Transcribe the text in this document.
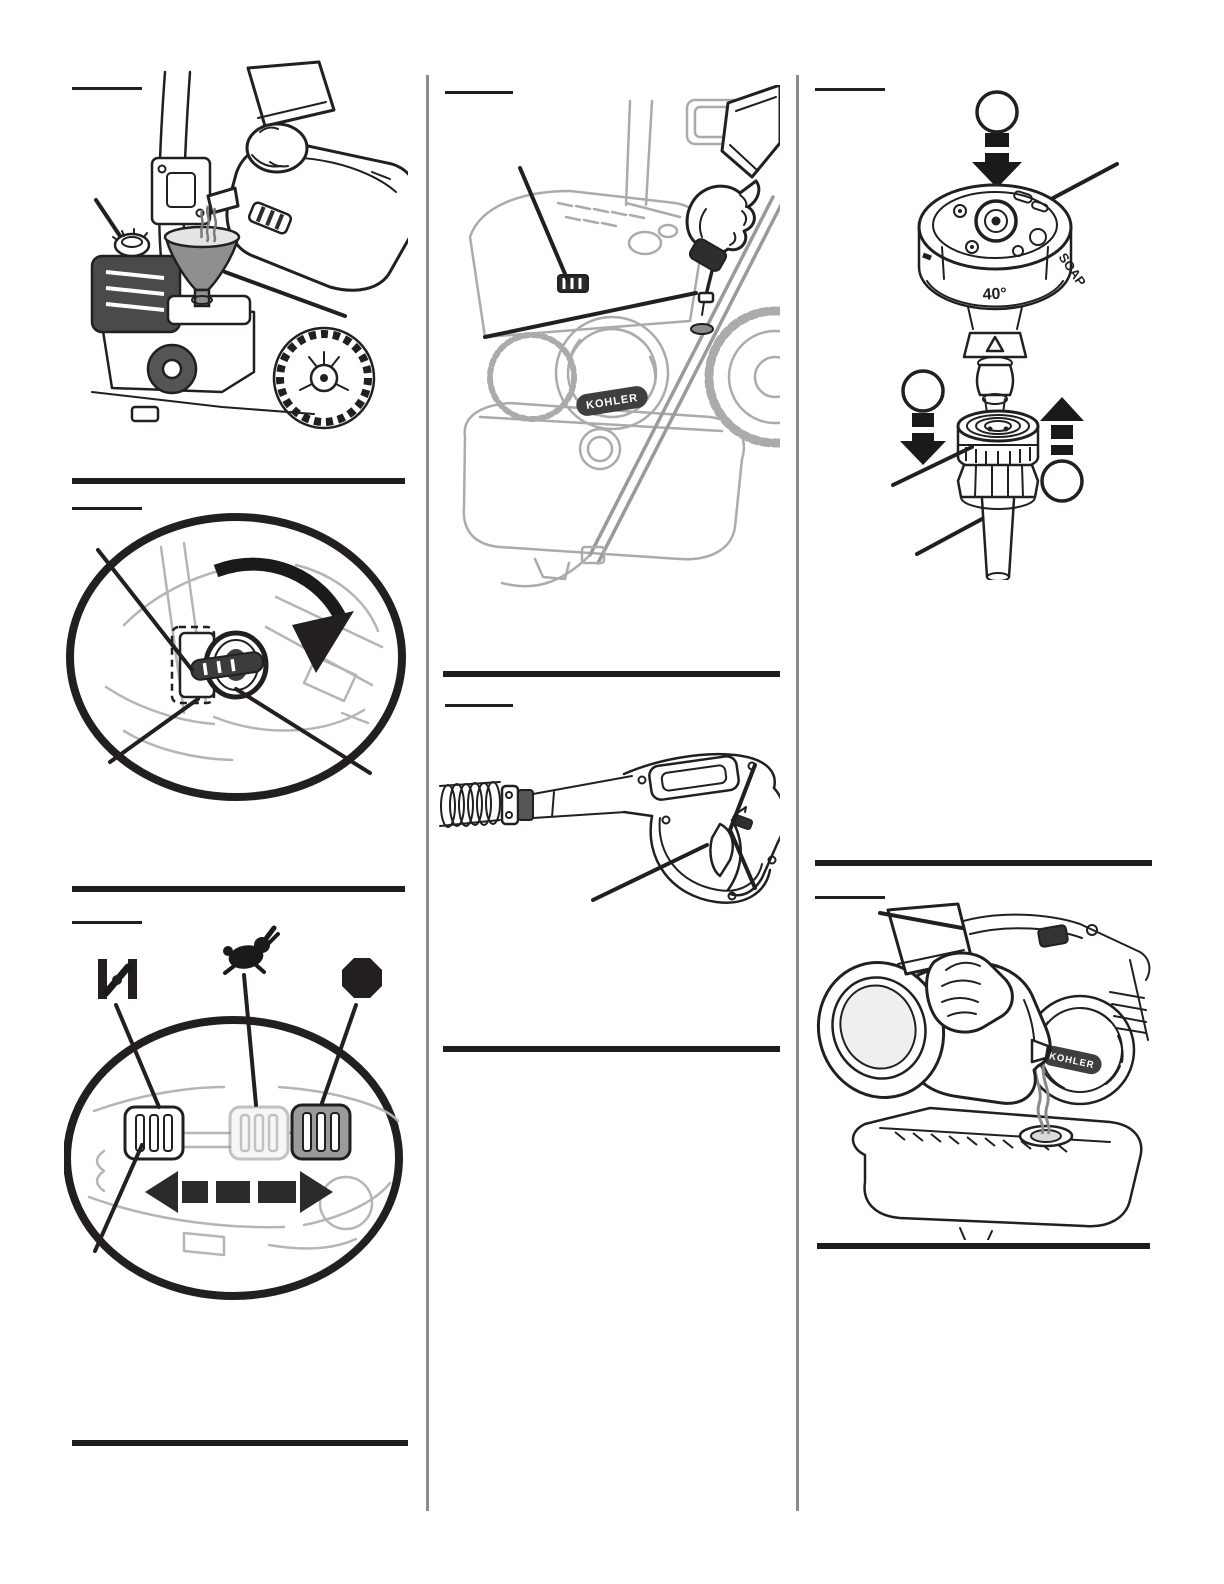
KOHLER
40°
SOAP
KOHLER
